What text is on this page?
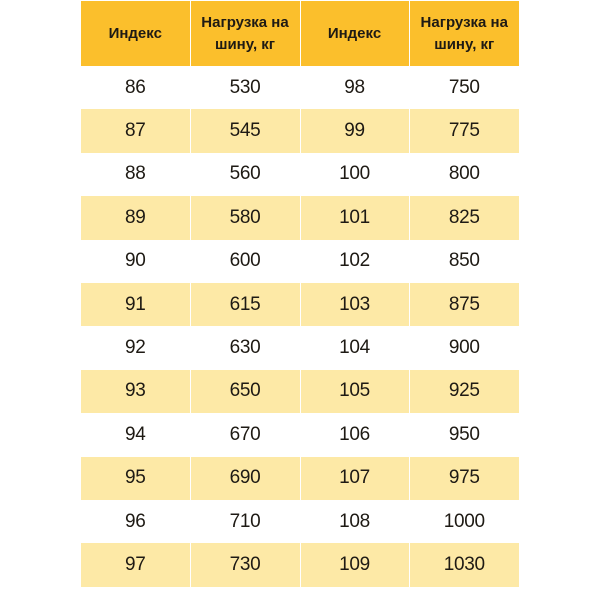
Индекс	Нагрузка на шину, кг	Индекс	Нагрузка на шину, кг
86	530	98	750
87	545	99	775
88	560	100	800
89	580	101	825
90	600	102	850
91	615	103	875
92	630	104	900
93	650	105	925
94	670	106	950
95	690	107	975
96	710	108	1000
97	730	109	1030
